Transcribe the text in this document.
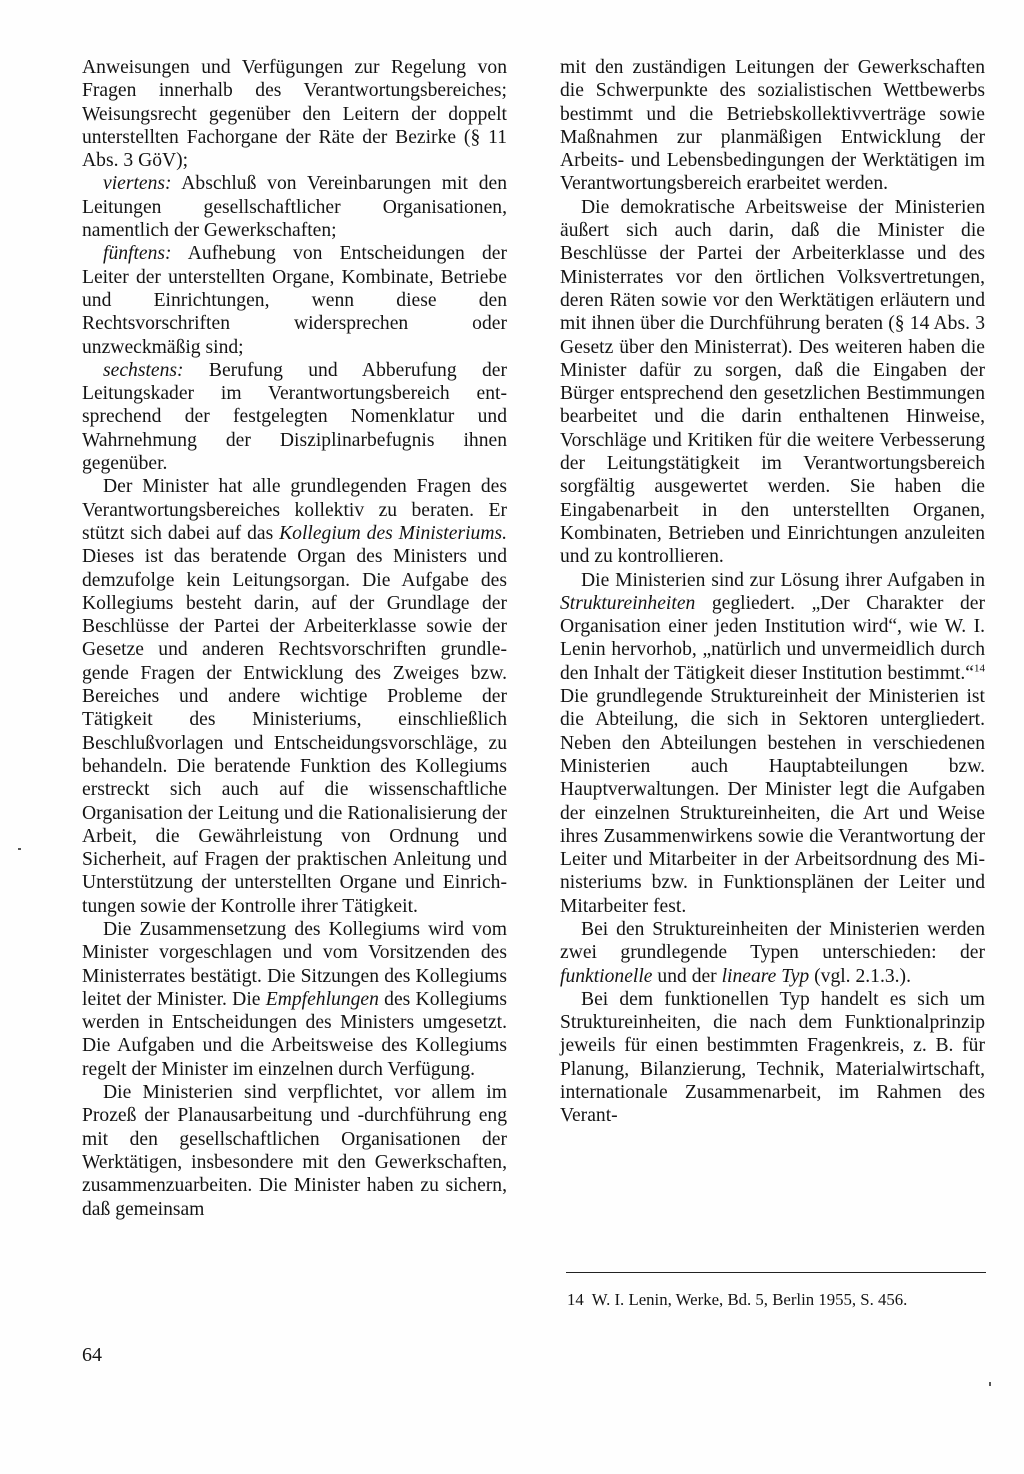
Anweisungen und Verfügungen zur Regelung von Fragen innerhalb des Verantwortungsbereiches; Weisungsrecht gegenüber den Leitern der doppelt unterstellten Fachorgane der Räte der Bezirke (§ 11 Abs. 3 GöV);

viertens: Abschluß von Vereinbarungen mit den Leitungen gesellschaftlicher Organisationen, namentlich der Gewerkschaften;

fünftens: Aufhebung von Entscheidungen der Leiter der unterstellten Organe, Kombinate, Betriebe und Einrichtungen, wenn diese den Rechtsvorschriften widersprechen oder unzweckmäßig sind;

sechstens: Berufung und Abberufung der Leitungskader im Verantwortungsbereich entsprechend der festgelegten Nomenklatur und Wahrnehmung der Disziplinarbefugnis ihnen gegenüber.

Der Minister hat alle grundlegenden Fragen des Verantwortungsbereiches kollektiv zu beraten. Er stützt sich dabei auf das Kollegium des Ministeriums. Dieses ist das beratende Organ des Ministers und demzufolge kein Leitungsorgan. Die Aufgabe des Kollegiums besteht darin, auf der Grundlage der Beschlüsse der Partei der Arbeiterklasse sowie der Gesetze und anderen Rechtsvorschriften grundlegende Fragen der Entwicklung des Zweiges bzw. Bereiches und andere wichtige Probleme der Tätigkeit des Ministeriums, einschließlich Beschlußvorlagen und Entscheidungsvorschläge, zu behandeln. Die beratende Funktion des Kollegiums erstreckt sich auch auf die wissenschaftliche Organisation der Leitung und die Rationalisierung der Arbeit, die Gewährleistung von Ordnung und Sicherheit, auf Fragen der praktischen Anleitung und Unterstützung der unterstellten Organe und Einrichtungen sowie der Kontrolle ihrer Tätigkeit.

Die Zusammensetzung des Kollegiums wird vom Minister vorgeschlagen und vom Vorsitzenden des Ministerrates bestätigt. Die Sitzungen des Kollegiums leitet der Minister. Die Empfehlungen des Kollegiums werden in Entscheidungen des Ministers umgesetzt. Die Aufgaben und die Arbeitsweise des Kollegiums regelt der Minister im einzelnen durch Verfügung.

Die Ministerien sind verpflichtet, vor allem im Prozeß der Planausarbeitung und -durchführung eng mit den gesellschaftlichen Organisationen der Werktätigen, insbesondere mit den Gewerkschaften, zusammenzuarbeiten. Die Minister haben zu sichern, daß gemeinsam

mit den zuständigen Leitungen der Gewerkschaften die Schwerpunkte des sozialistischen Wettbewerbs bestimmt und die Betriebskollektivverträge sowie Maßnahmen zur planmäßigen Entwicklung der Arbeits- und Lebensbedingungen der Werktätigen im Verantwortungsbereich erarbeitet werden.

Die demokratische Arbeitsweise der Ministerien äußert sich auch darin, daß die Minister die Beschlüsse der Partei der Arbeiterklasse und des Ministerrates vor den örtlichen Volksvertretungen, deren Räten sowie vor den Werktätigen erläutern und mit ihnen über die Durchführung beraten (§ 14 Abs. 3 Gesetz über den Ministerrat). Des weiteren haben die Minister dafür zu sorgen, daß die Eingaben der Bürger entsprechend den gesetzlichen Bestimmungen bearbeitet und die darin enthaltenen Hinweise, Vorschläge und Kritiken für die weitere Verbesserung der Leitungstätigkeit im Verantwortungsbereich sorgfältig ausgewertet werden. Sie haben die Eingabenarbeit in den unterstellten Organen, Kombinaten, Betrieben und Einrichtungen anzuleiten und zu kontrollieren.

Die Ministerien sind zur Lösung ihrer Aufgaben in Struktureinheiten gegliedert. „Der Charakter der Organisation einer jeden Institution wird“, wie W. I. Lenin hervorhob, „natürlich und unvermeidlich durch den Inhalt der Tätigkeit dieser Institution bestimmt.“$^{14}$ Die grundlegende Struktureinheit der Ministerien ist die Abteilung, die sich in Sektoren untergliedert. Neben den Abteilungen bestehen in verschiedenen Ministerien auch Hauptabteilungen bzw. Hauptverwaltungen. Der Minister legt die Aufgaben der einzelnen Struktureinheiten, die Art und Weise ihres Zusammenwirkens sowie die Verantwortung der Leiter und Mitarbeiter in der Arbeitsordnung des Ministeriums bzw. in Funktionsplänen der Leiter und Mitarbeiter fest.

Bei den Struktureinheiten der Ministerien werden zwei grundlegende Typen unterschieden: der funktionelle und der lineare Typ (vgl. 2.1.3.).

Bei dem funktionellen Typ handelt es sich um Struktureinheiten, die nach dem Funktionalprinzip jeweils für einen bestimmten Fragenkreis, z. B. für Planung, Bilanzierung, Technik, Materialwirtschaft, internationale Zusammenarbeit, im Rahmen des Verant-

14 W. I. Lenin, Werke, Bd. 5, Berlin 1955, S. 456.
64
